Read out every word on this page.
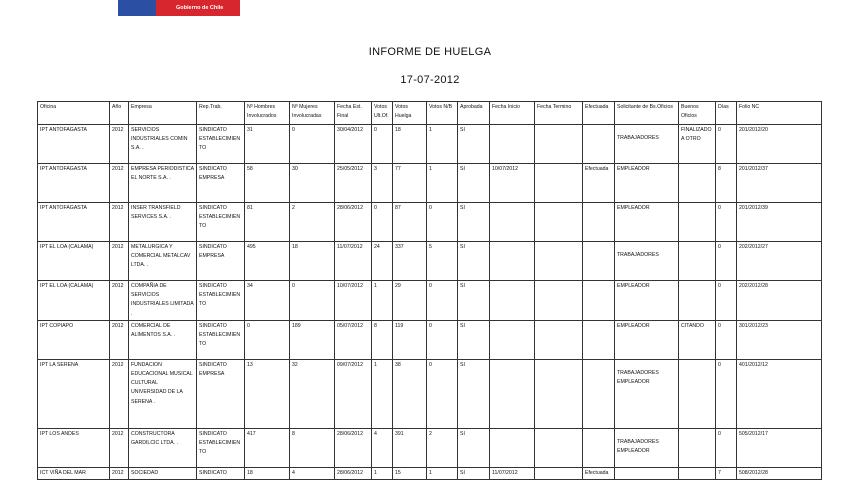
Gobierno de Chile
INFORME DE HUELGA
17-07-2012
Oficina	Año	Empresa	Rep.Trab.	Nº Hombres Involucrados	Nº Mujeres Involucradas	Fecha Est. Final	Votos Ult.Of.	Votos Huelga	Votos N/B	Aprobada	Fecha Inicio	Fecha Termino	Efectuada	Solicitante de Bs.Oficios	Buenos Oficios	Días	Folio NC
IPT ANTOFAGASTA	2012	SERVICIOS INDUSTRIALES COMIN S.A. .	SINDICATO ESTABLECIMIENTO	31	0	30/04/2012	0	18	1	SI				TRABAJADORES	FINALIZADO A OTRO	0	201/2012/20
IPT ANTOFAGASTA	2012	EMPRESA PERIODISTICA EL NORTE S.A. .	SINDICATO EMPRESA	58	30	25/05/2012	3	77	1	SI	10/07/2012		Efectuada	EMPLEADOR		8	201/2012/37
IPT ANTOFAGASTA	2012	INSER TRANSFIELD SERVICES S.A. .	SINDICATO ESTABLECIMIENTO	81	2	28/06/2012	0	87	0	SI				EMPLEADOR		0	201/2012/39
IPT EL LOA (CALAMA)	2012	METALURGICA Y COMERCIAL METALCAV LTDA. .	SINDICATO EMPRESA	495	18	11/07/2012	24	337	5	SI				TRABAJADORES		0	202/2012/27
IPT EL LOA (CALAMA)	2012	COMPAÑIA DE SERVICIOS INDUSTRIALES LIMITADA .	SINDICATO ESTABLECIMIENTO	34	0	10/07/2012	1	29	0	SI				EMPLEADOR		0	202/2012/28
IPT COPIAPO	2012	COMERCIAL DE ALIMENTOS S.A. .	SINDICATO ESTABLECIMIENTO	0	189	05/07/2012	8	119	0	SI				EMPLEADOR	CITANDO	0	301/2012/23
IPT LA SERENA	2012	FUNDACION EDUCACIONAL MUSICAL CULTURAL UNIVERSIDAD DE LA SERENA .	SINDICATO EMPRESA	13	32	09/07/2012	1	38	0	SI				TRABAJADORES EMPLEADOR		0	401/2012/12
IPT LOS ANDES	2012	CONSTRUCTORA GARDILCIC LTDA. .	SINDICATO ESTABLECIMIENTO	417	8	28/06/2012	4	391	2	SI				TRABAJADORES EMPLEADOR		0	505/2012/17
ICT VIÑA DEL MAR	2012	SOCIEDAD	SINDICATO	18	4	28/06/2012	1	15	1	SI	11/07/2012		Efectuada			7	508/2012/28
